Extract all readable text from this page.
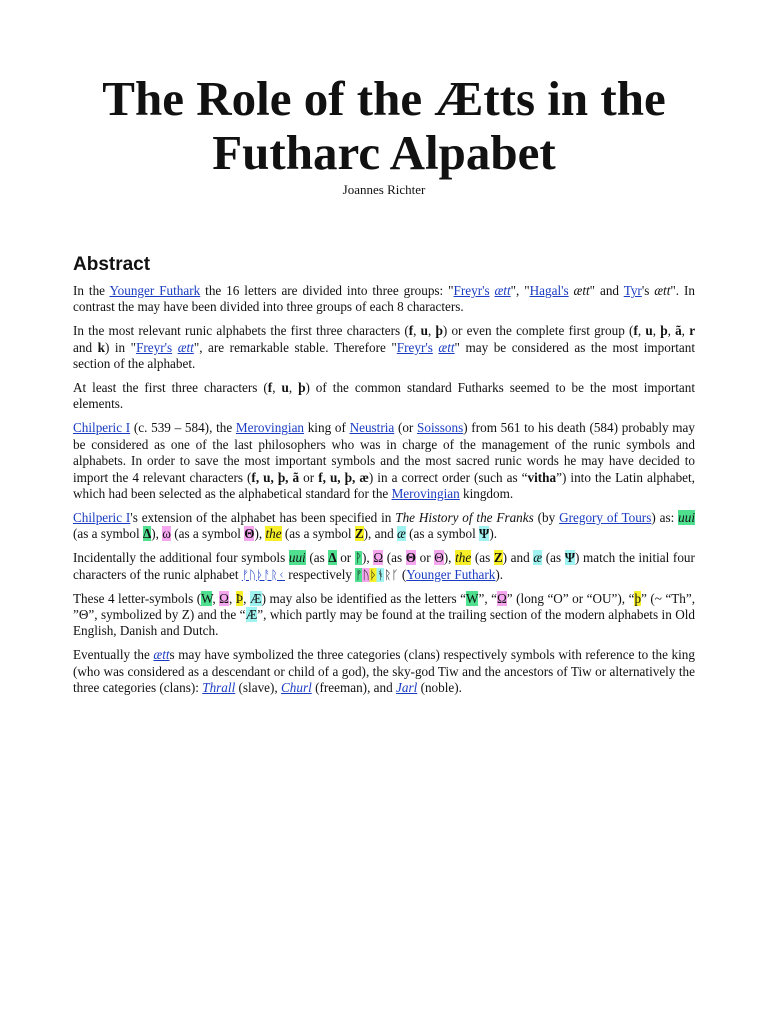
The Role of the Ætts in the Futharc Alpabet

Joannes Richter

Abstract

In the Younger Futhark the 16 letters are divided into three groups: "Freyr's ætt", "Hagal's ætt" and Tyr's ætt". In contrast the may have been divided into three groups of each 8 characters.

In the most relevant runic alphabets the first three characters (f, u, þ) or even the complete first group (f, u, þ, ã, r and k) in "Freyr's ætt", are remarkable stable. Therefore "Freyr's ætt" may be considered as the most important section of the alphabet.

At least the first three characters (f, u, þ) of the common standard Futharks seemed to be the most important elements.

Chilperic I (c. 539 – 584), the Merovingian king of Neustria (or Soissons) from 561 to his death (584) probably may be considered as one of the last philosophers who was in charge of the management of the runic symbols and alphabets. In order to save the most important symbols and the most sacred runic words he may have decided to import the 4 relevant characters (f, u, þ, ã or f, u, þ, æ) in a correct order (such as “vitha”) into the Latin alphabet, which had been selected as the alphabetical standard for the Merovingian kingdom.

Chilperic I's extension of the alphabet has been specified in The History of the Franks (by Gregory of Tours) as: uui (as a symbol Δ), ω (as a symbol Θ), the (as a symbol Z), and æ (as a symbol Ψ).

Incidentally the additional four symbols uui (as Δ or ᚹ), Ω (as Θ or Θ), the (as Z) and æ (as Ψ) match the initial four characters of the runic alphabet ᚠᚢᚦᚨᚱᚲ respectively ᚠᚢᚦᚬᚱᚴ (Younger Futhark).

These 4 letter-symbols (W, Ω, Þ, Æ) may also be identified as the letters “W”, “Ω” (long “O” or “OU”), “þ” (~ “Th”, ”Θ”, symbolized by Z) and the “Æ”, which partly may be found at the trailing section of the modern alphabets in Old English, Danish and Dutch.

Eventually the ætts may have symbolized the three categories (clans) respectively symbols with reference to the king (who was considered as a descendant or child of a god), the sky-god Tiw and the ancestors of Tiw or alternatively the three categories (clans): Thrall (slave), Churl (freeman), and Jarl (noble).
